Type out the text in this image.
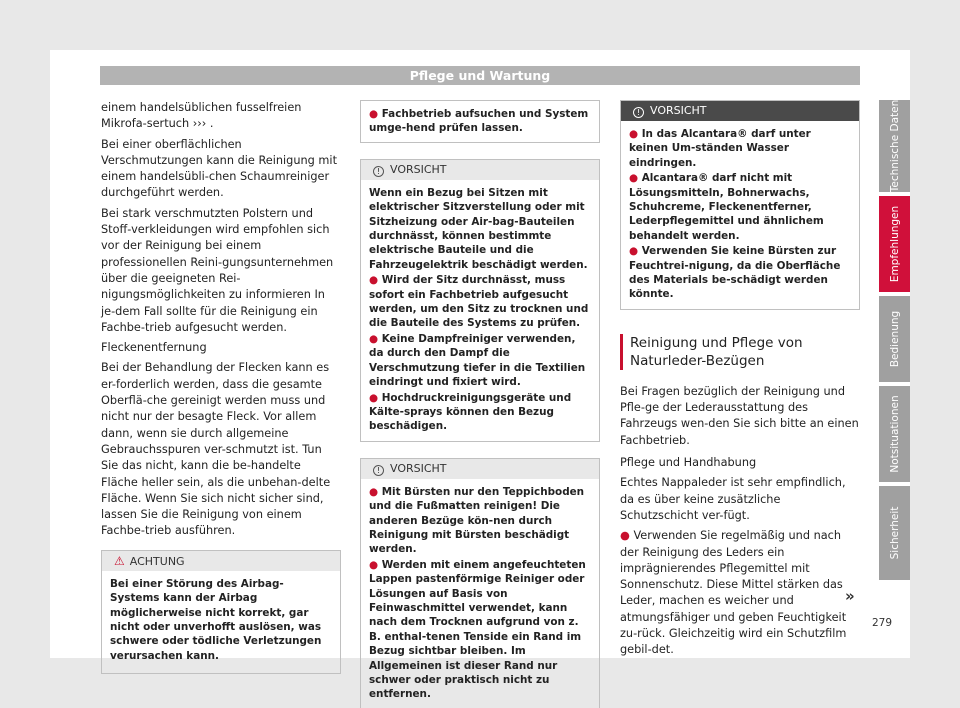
Pflege und Wartung

einem handelsüblichen fusselfreien Mikrofa-sertuch ››› .

Bei einer oberflächlichen Verschmutzungen kann die Reinigung mit einem handelsübli-chen Schaumreiniger durchgeführt werden.

Bei stark verschmutzten Polstern und Stoff-verkleidungen wird empfohlen sich vor der Reinigung bei einem professionellen Reini-gungsunternehmen über die geeigneten Rei-nigungsmöglichkeiten zu informieren In je-dem Fall sollte für die Reinigung ein Fachbe-trieb aufgesucht werden.

Fleckenentfernung

Bei der Behandlung der Flecken kann es er-forderlich werden, dass die gesamte Oberflä-che gereinigt werden muss und nicht nur der besagte Fleck. Vor allem dann, wenn sie durch allgemeine Gebrauchsspuren ver-schmutzt ist. Tun Sie das nicht, kann die be-handelte Fläche heller sein, als die unbehan-delte Fläche. Wenn Sie sich nicht sicher sind, lassen Sie die Reinigung von einem Fachbe-trieb ausführen.

⚠ ACHTUNG
Bei einer Störung des Airbag-Systems kann der Airbag möglicherweise nicht korrekt, gar nicht oder unverhofft auslösen, was schwere oder tödliche Verletzungen verursachen kann.
● Fachbetrieb aufsuchen und System umge-hend prüfen lassen.
! VORSICHT
Wenn ein Bezug bei Sitzen mit elektrischer Sitzverstellung oder mit Sitzheizung oder Air-bag-Bauteilen durchnässt, können bestimmte elektrische Bauteile und die Fahrzeugelektrik beschädigt werden.
● Wird der Sitz durchnässt, muss sofort ein Fachbetrieb aufgesucht werden, um den Sitz zu trocknen und die Bauteile des Systems zu prüfen.
● Keine Dampfreiniger verwenden, da durch den Dampf die Verschmutzung tiefer in die Textilien eindringt und fixiert wird.
● Hochdruckreinigungsgeräte und Kälte-sprays können den Bezug beschädigen.
! VORSICHT
● Mit Bürsten nur den Teppichboden und die Fußmatten reinigen! Die anderen Bezüge kön-nen durch Reinigung mit Bürsten beschädigt werden.
● Werden mit einem angefeuchteten Lappen pastenförmige Reiniger oder Lösungen auf Basis von Feinwaschmittel verwendet, kann nach dem Trocknen aufgrund von z. B. enthal-tenen Tenside ein Rand im Bezug sichtbar bleiben. Im Allgemeinen ist dieser Rand nur schwer oder praktisch nicht zu entfernen.
! VORSICHT
● In das Alcantara® darf unter keinen Um-ständen Wasser eindringen.
● Alcantara® darf nicht mit Lösungsmitteln, Bohnerwachs, Schuhcreme, Fleckenentferner, Lederpflegemittel und ähnlichem behandelt werden.
● Verwenden Sie keine Bürsten zur Feuchtrei-nigung, da die Oberfläche des Materials be-schädigt werden könnte.
Reinigung und Pflege von Naturleder-Bezügen

Bei Fragen bezüglich der Reinigung und Pfle-ge der Lederausstattung des Fahrzeugs wen-den Sie sich bitte an einen Fachbetrieb.

Pflege und Handhabung

Echtes Nappaleder ist sehr empfindlich, da es über keine zusätzliche Schutzschicht ver-fügt.

● Verwenden Sie regelmäßig und nach der Reinigung des Leders ein imprägnierendes Pflegemittel mit Sonnenschutz. Diese Mittel stärken das Leder, machen es weicher und atmungsfähiger und geben Feuchtigkeit zu-rück. Gleichzeitig wird ein Schutzfilm gebil-det.

»
Technische Daten
Empfehlungen
Bedienung
Notsituationen
Sicherheit
279
